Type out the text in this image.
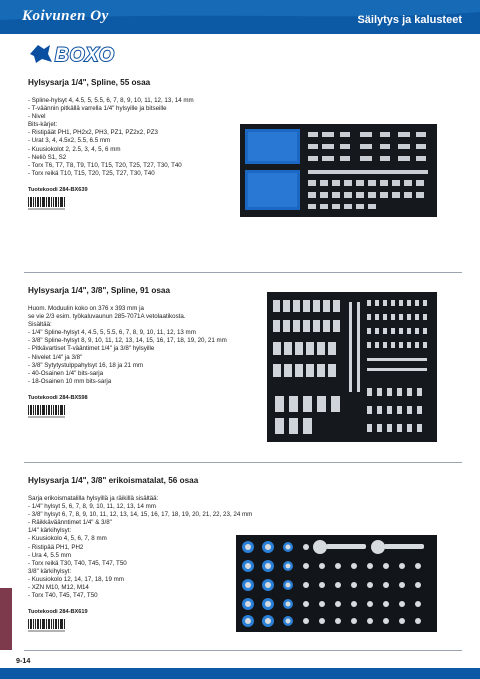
Koivunen Oy	Säilytys ja kalusteet
BOXO
Hylsysarja 1/4", Spline, 55 osaa
- Spline-hylsyt 4, 4.5, 5, 5.5, 6, 7, 8, 9, 10, 11, 12, 13, 14 mm
- T-väännin pitkällä varrella 1/4" hylsyille ja bitseille
- Nivel
Bits-kärjet:
- Ristipäät PH1, PH2x2, PH3, PZ1, PZ2x2, PZ3
- Urat 3, 4, 4.5x2, 5.5, 6.5 mm
- Kuusiokolot 2, 2.5, 3, 4, 5, 6 mm
- Neliö S1, S2
- Torx T6, T7, T8, T9, T10, T15, T20, T25, T27, T30, T40
- Torx reikä T10, T15, T20, T25, T27, T30, T40
Tuotekoodi 284-BX639
Hylsysarja 1/4", 3/8", Spline, 91 osaa
Huom. Moduulin koko on 376 x 393 mm ja
se vie 2/3 esim. työkaluvaunun 285-7071A vetolaatikosta.
Sisältää:
- 1/4" Spline-hylsyt 4, 4.5, 5, 5.5, 6, 7, 8, 9, 10, 11, 12, 13 mm
- 3/8" Spline-hylsyt 8, 9, 10, 11, 12, 13, 14, 15, 16, 17, 18, 19, 20, 21 mm
- Pitkävartiset T-vääntimet 1/4" ja 3/8" hylsyille
- Nivelet 1/4" ja 3/8"
- 3/8" Sytytystulppahylsyt 16, 18 ja 21 mm
- 40-Osainen 1/4" bits-sarja
- 18-Osainen 10 mm bits-sarja
Tuotekoodi 284-BX598
Hylsysarja 1/4", 3/8" erikoismatalat, 56 osaa
Sarja erikoismatalilla hylsyillä ja räikillä sisältää:
- 1/4" hylsyt 5, 6, 7, 8, 9, 10, 11, 12, 13, 14 mm
- 3/8" hylsyt 6, 7, 8, 9, 10, 11, 12, 13, 14, 15, 16, 17, 18, 19, 20, 21, 22, 23, 24 mm
- Räikkäväänntimet 1/4" & 3/8"
1/4" kärkihylsyt:
- Kuusiokolo 4, 5, 6, 7, 8 mm
- Ristipää PH1, PH2
- Ura 4, 5.5 mm
- Torx reikä T30, T40, T45, T47, T50
3/8" kärkihylsyt:
- Kuusiokolo 12, 14, 17, 18, 19 mm
- XZN M10, M12, M14
- Torx T40, T45, T47, T50
Tuotekoodi 284-BX619
9-14
